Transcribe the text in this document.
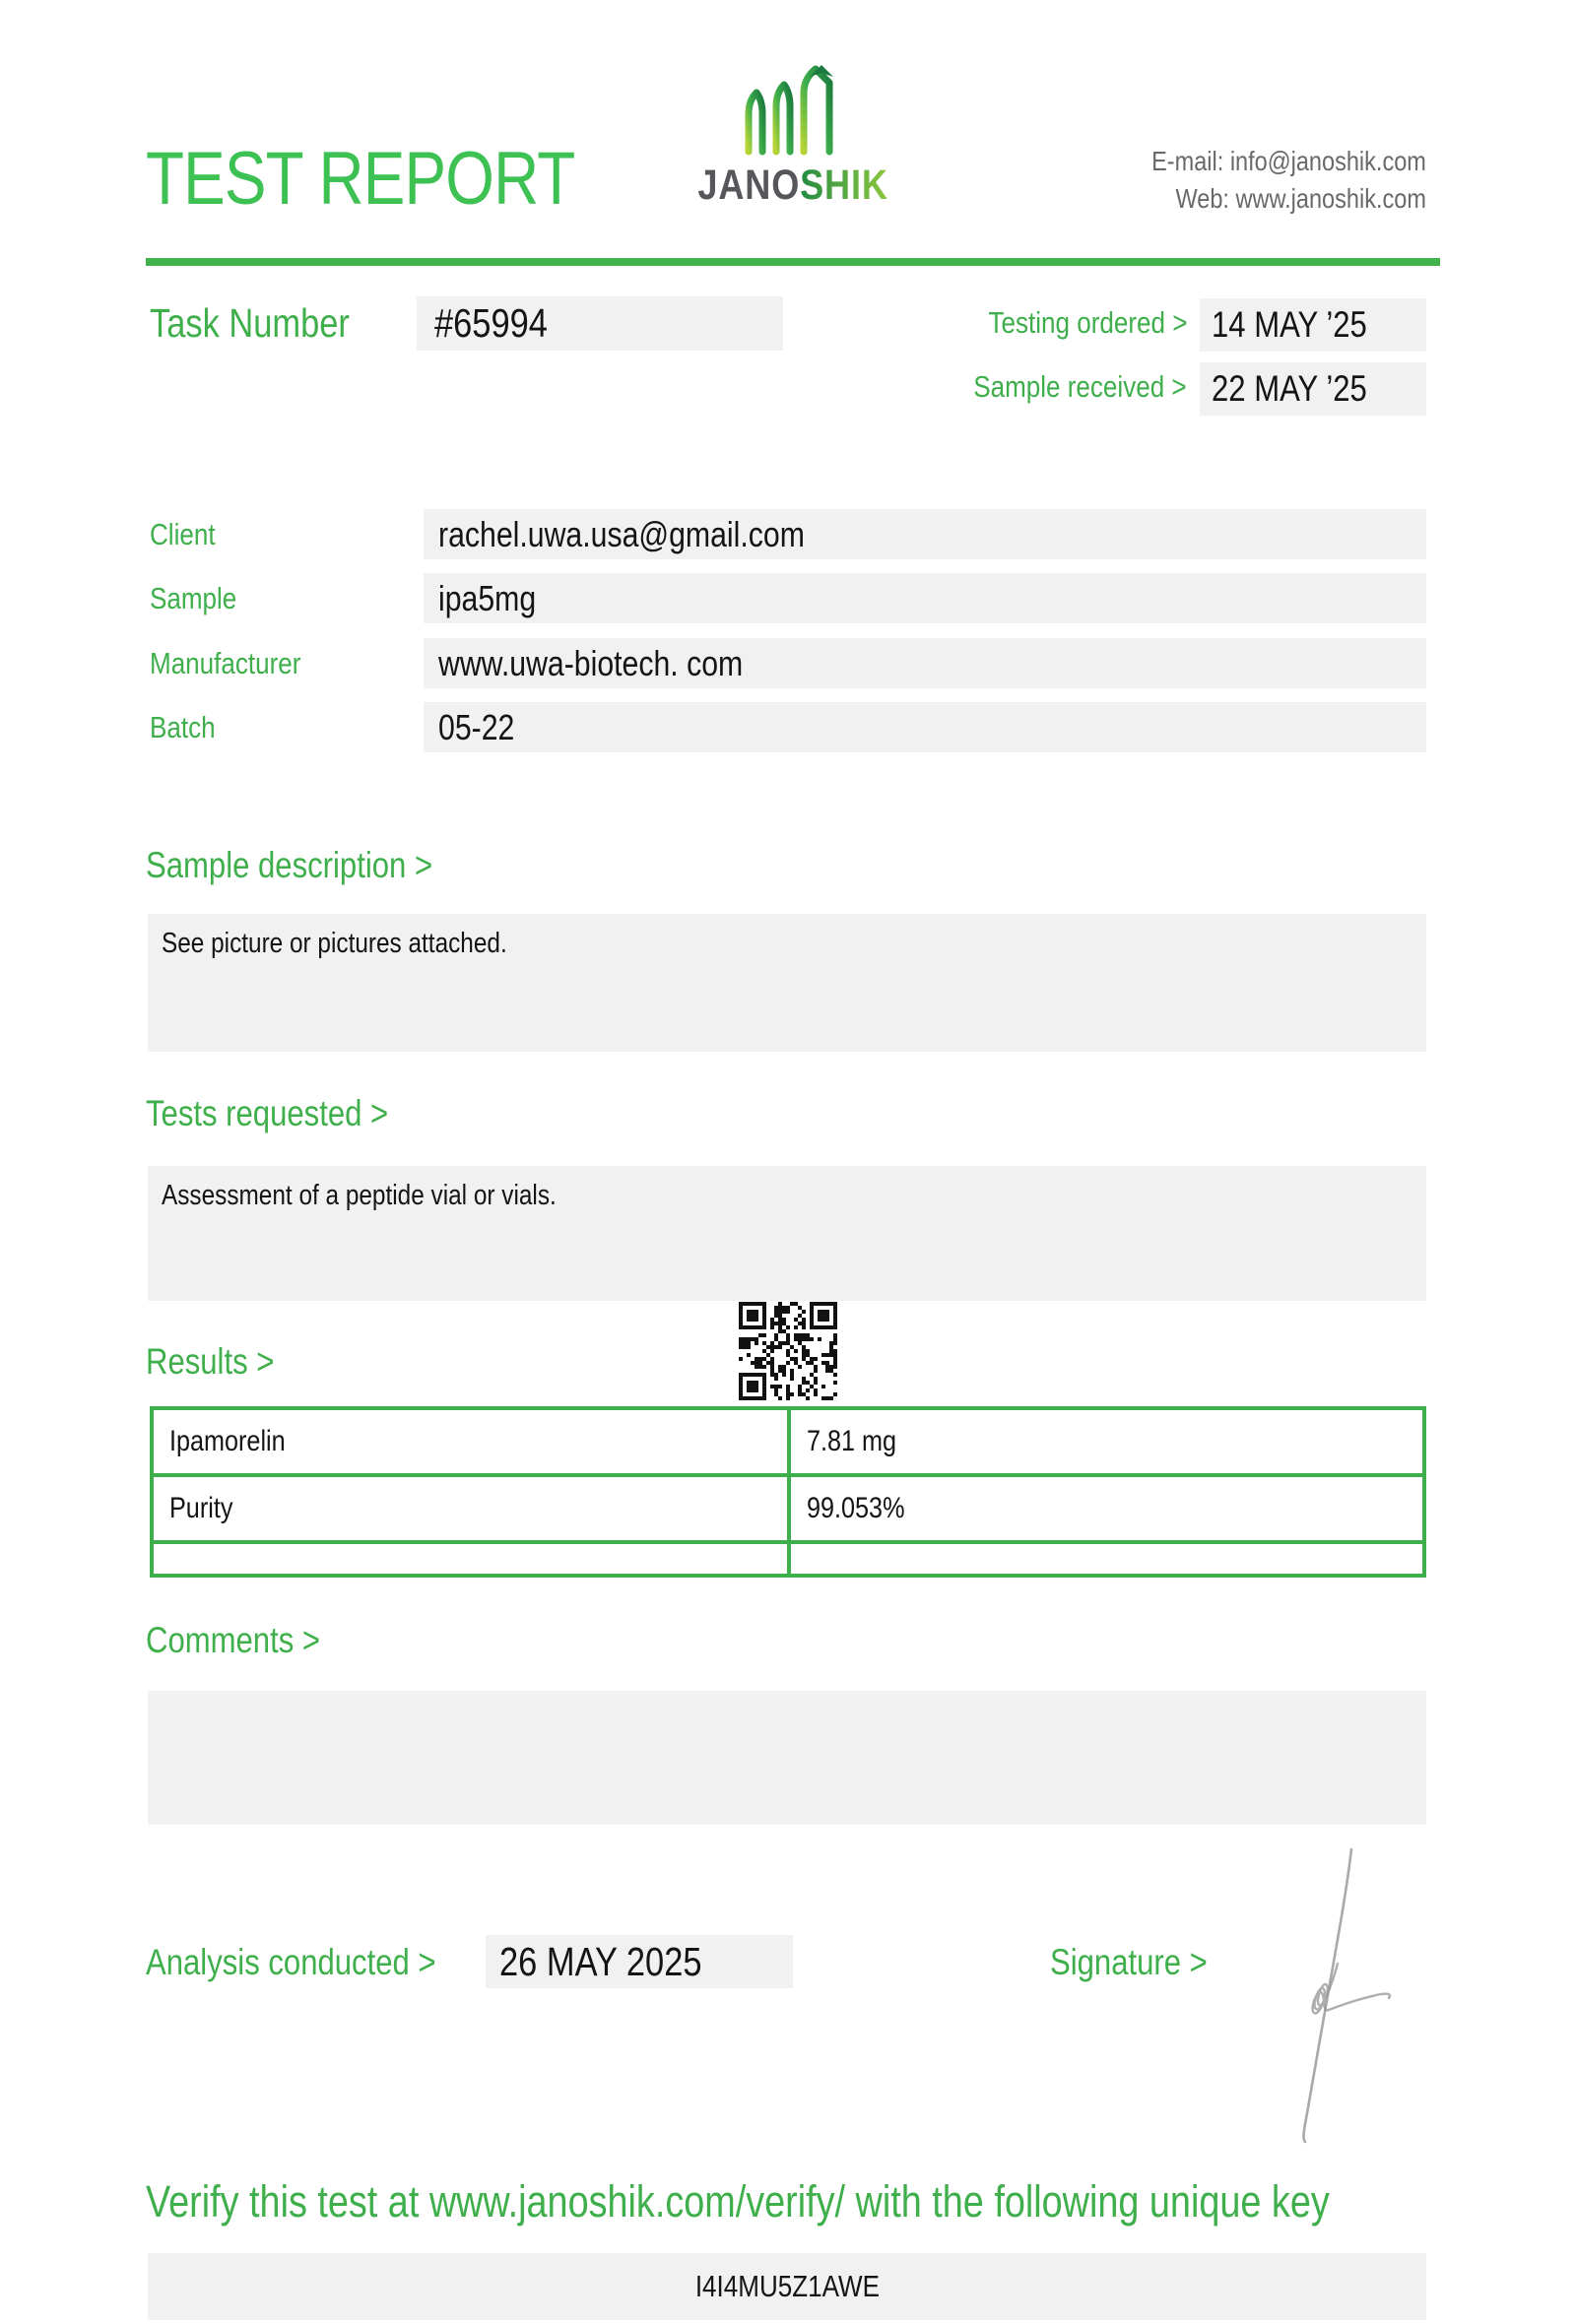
TEST REPORT	JANOSHIK
E-mail: info@janoshik.com
Web: www.janoshik.com
Task Number	#65994	Testing ordered > 14 MAY ’25
Sample received > 22 MAY ’25
Client	rachel.uwa.usa@gmail.com
Sample	ipa5mg
Manufacturer	www.uwa-biotech. com
Batch	05-22
Sample description >
See picture or pictures attached.
Tests requested >
Assessment of a peptide vial or vials.
Results >
Ipamorelin	7.81 mg
Purity	99.053%
Comments >
Analysis conducted >	26 MAY 2025	Signature >
Verify this test at www.janoshik.com/verify/ with the following unique key
I4I4MU5Z1AWE
